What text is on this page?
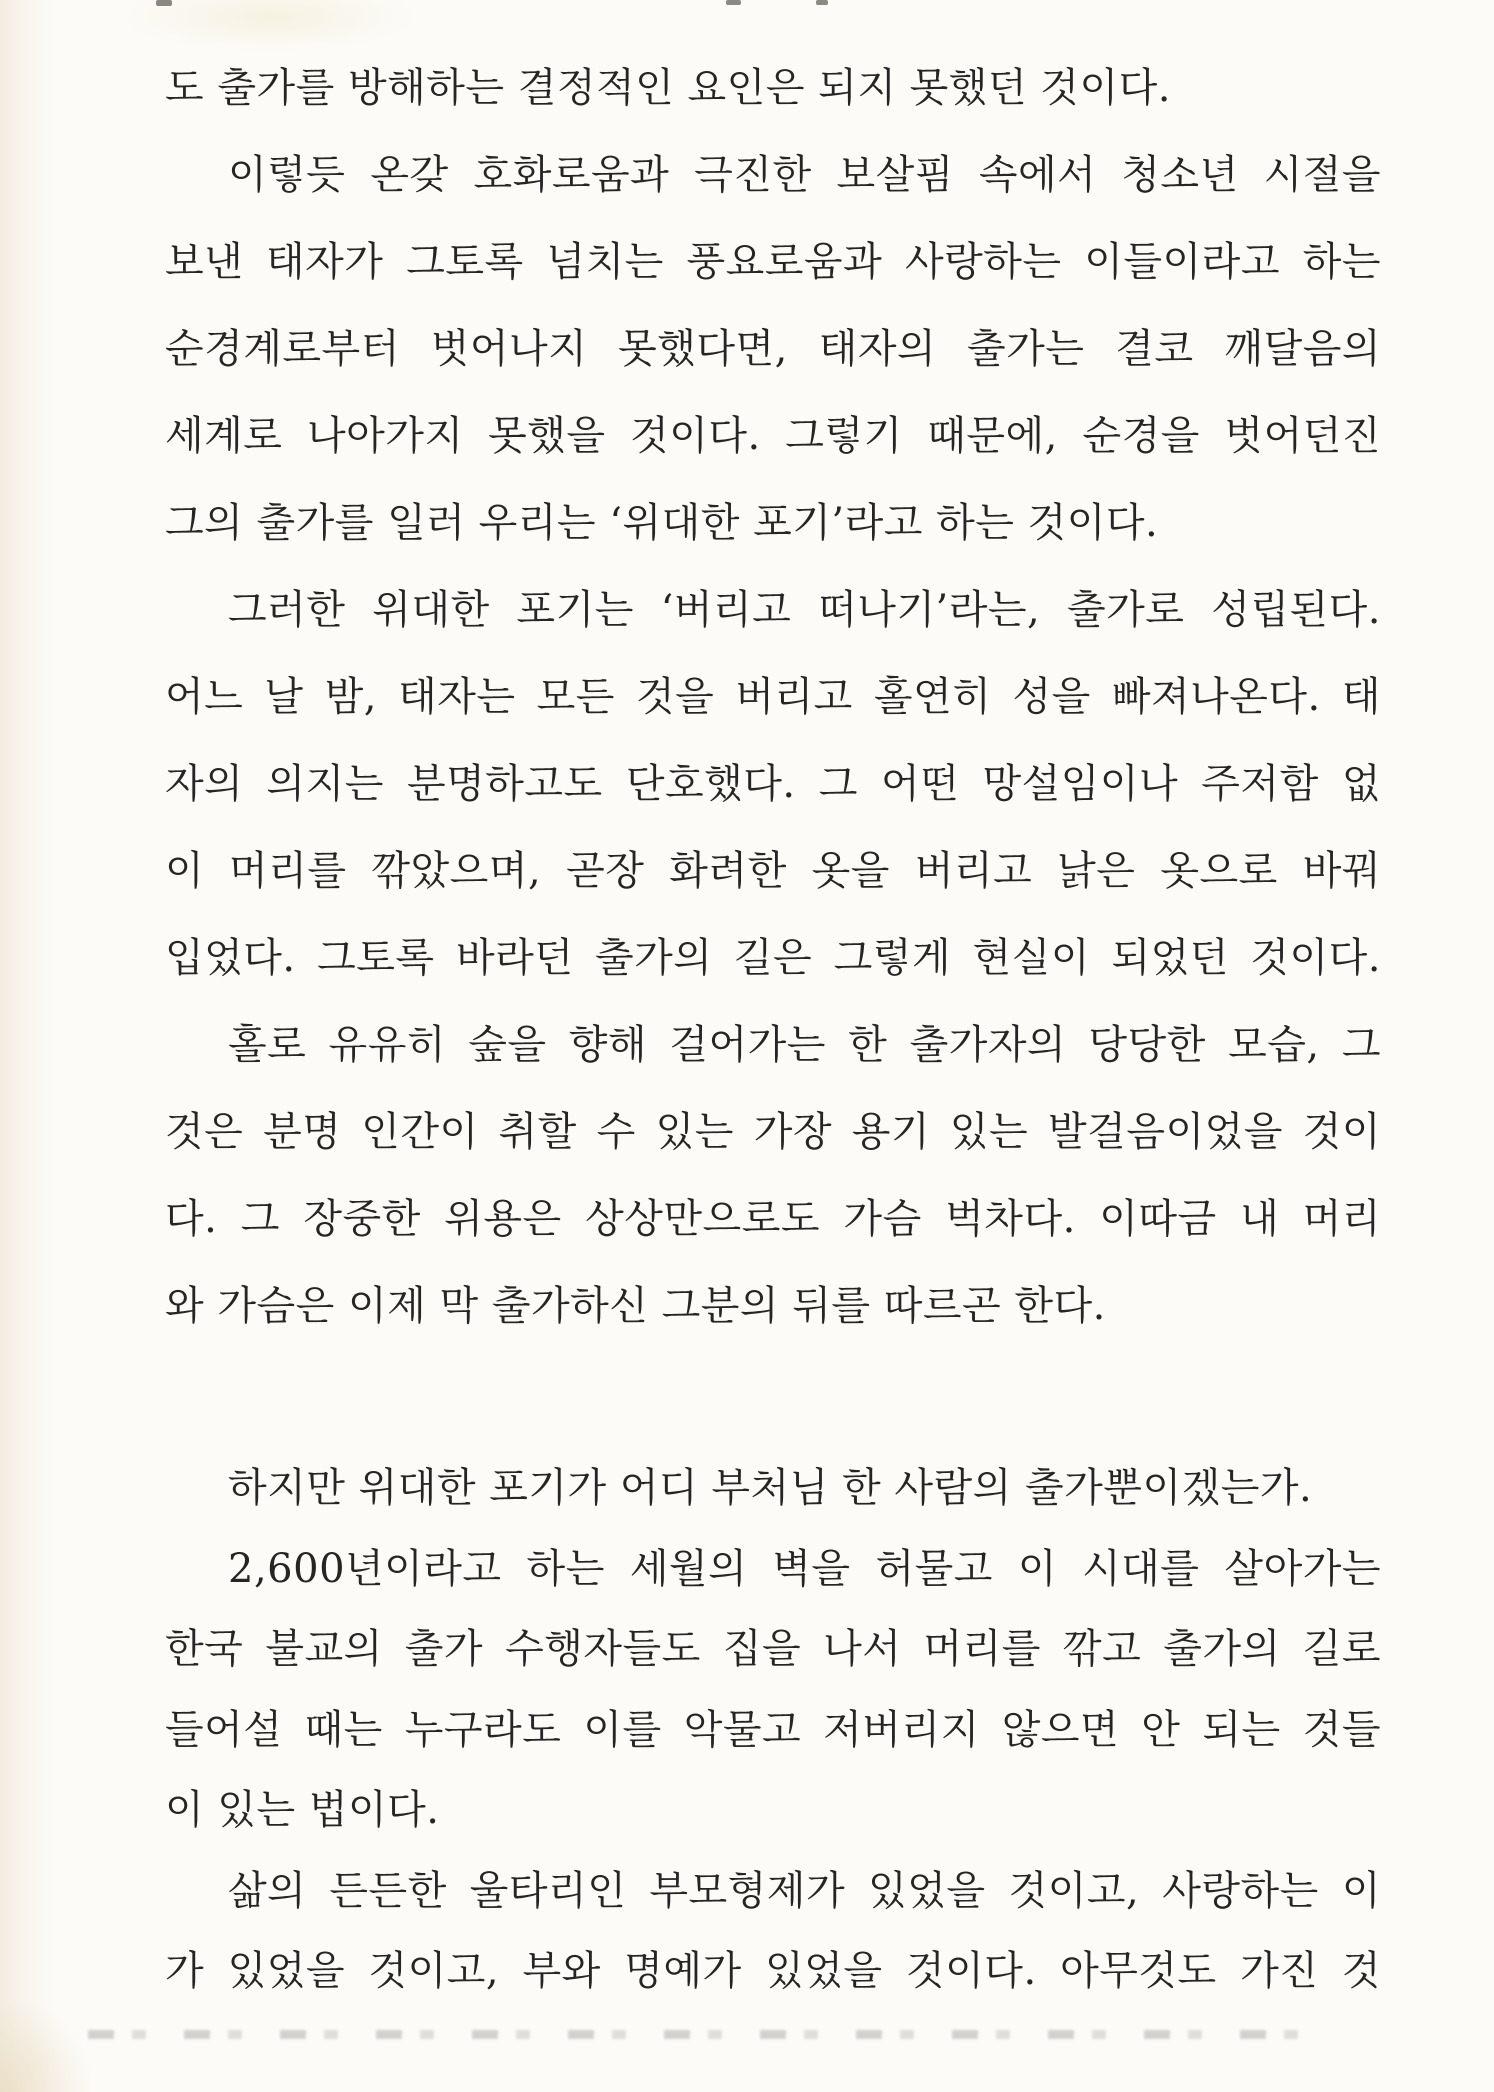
도 출가를 방해하는 결정적인 요인은 되지 못했던 것이다.
이렇듯 온갖 호화로움과 극진한 보살핌 속에서 청소년 시절을
보낸 태자가 그토록 넘치는 풍요로움과 사랑하는 이들이라고 하는
순경계로부터 벗어나지 못했다면, 태자의 출가는 결코 깨달음의
세계로 나아가지 못했을 것이다. 그렇기 때문에, 순경을 벗어던진
그의 출가를 일러 우리는 ‘위대한 포기’라고 하는 것이다.
그러한 위대한 포기는 ‘버리고 떠나기’라는, 출가로 성립된다.
어느 날 밤, 태자는 모든 것을 버리고 홀연히 성을 빠져나온다. 태
자의 의지는 분명하고도 단호했다. 그 어떤 망설임이나 주저함 없
이 머리를 깎았으며, 곧장 화려한 옷을 버리고 낡은 옷으로 바꿔
입었다. 그토록 바라던 출가의 길은 그렇게 현실이 되었던 것이다.
홀로 유유히 숲을 향해 걸어가는 한 출가자의 당당한 모습, 그
것은 분명 인간이 취할 수 있는 가장 용기 있는 발걸음이었을 것이
다. 그 장중한 위용은 상상만으로도 가슴 벅차다. 이따금 내 머리
와 가슴은 이제 막 출가하신 그분의 뒤를 따르곤 한다.
하지만 위대한 포기가 어디 부처님 한 사람의 출가뿐이겠는가.
2,600년이라고 하는 세월의 벽을 허물고 이 시대를 살아가는
한국 불교의 출가 수행자들도 집을 나서 머리를 깎고 출가의 길로
들어설 때는 누구라도 이를 악물고 저버리지 않으면 안 되는 것들
이 있는 법이다.
삶의 든든한 울타리인 부모형제가 있었을 것이고, 사랑하는 이
가 있었을 것이고, 부와 명예가 있었을 것이다. 아무것도 가진 것
